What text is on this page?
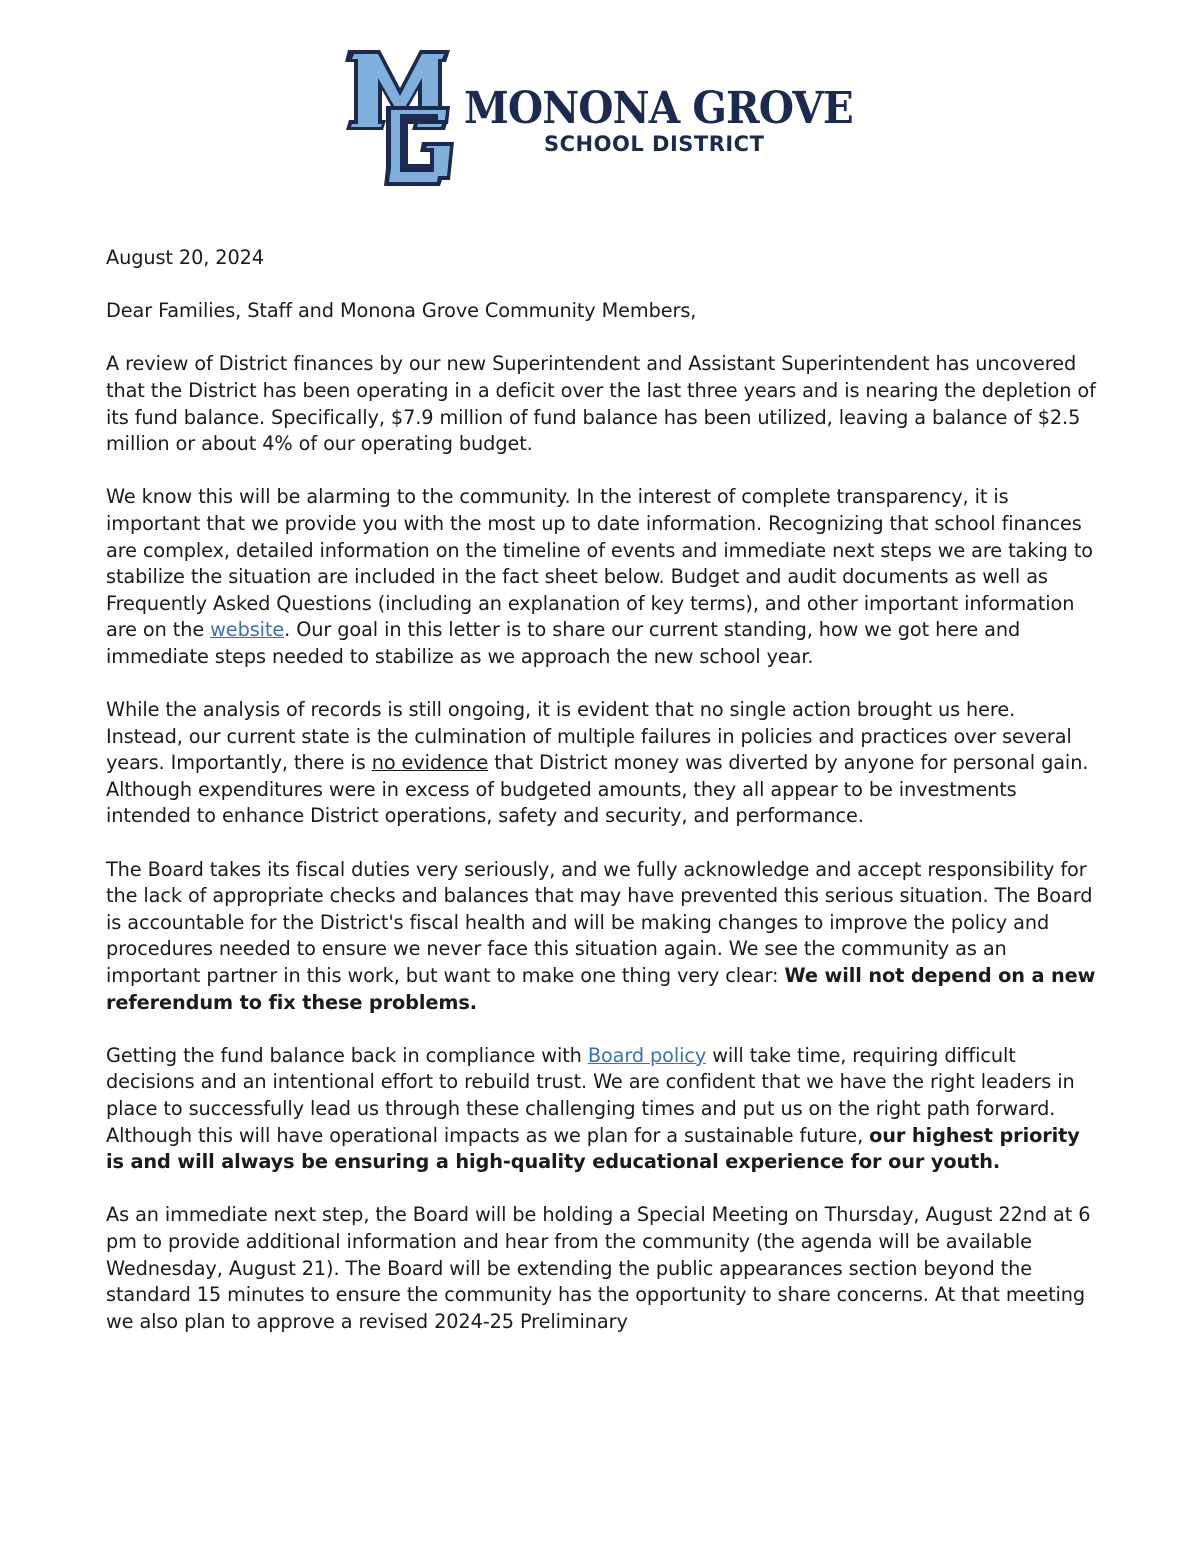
MONONA GROVE
SCHOOL DISTRICT

August 20, 2024

Dear Families, Staff and Monona Grove Community Members,

A review of District finances by our new Superintendent and Assistant Superintendent has uncovered that the District has been operating in a deficit over the last three years and is nearing the depletion of its fund balance. Specifically, $7.9 million of fund balance has been utilized, leaving a balance of $2.5 million or about 4% of our operating budget.

We know this will be alarming to the community. In the interest of complete transparency, it is important that we provide you with the most up to date information. Recognizing that school finances are complex, detailed information on the timeline of events and immediate next steps we are taking to stabilize the situation are included in the fact sheet below. Budget and audit documents as well as Frequently Asked Questions (including an explanation of key terms), and other important information are on the website. Our goal in this letter is to share our current standing, how we got here and immediate steps needed to stabilize as we approach the new school year.

While the analysis of records is still ongoing, it is evident that no single action brought us here. Instead, our current state is the culmination of multiple failures in policies and practices over several years. Importantly, there is no evidence that District money was diverted by anyone for personal gain. Although expenditures were in excess of budgeted amounts, they all appear to be investments intended to enhance District operations, safety and security, and performance.

The Board takes its fiscal duties very seriously, and we fully acknowledge and accept responsibility for the lack of appropriate checks and balances that may have prevented this serious situation. The Board is accountable for the District's fiscal health and will be making changes to improve the policy and procedures needed to ensure we never face this situation again. We see the community as an important partner in this work, but want to make one thing very clear: We will not depend on a new referendum to fix these problems.

Getting the fund balance back in compliance with Board policy will take time, requiring difficult decisions and an intentional effort to rebuild trust. We are confident that we have the right leaders in place to successfully lead us through these challenging times and put us on the right path forward. Although this will have operational impacts as we plan for a sustainable future, our highest priority is and will always be ensuring a high-quality educational experience for our youth.

As an immediate next step, the Board will be holding a Special Meeting on Thursday, August 22nd at 6 pm to provide additional information and hear from the community (the agenda will be available Wednesday, August 21). The Board will be extending the public appearances section beyond the standard 15 minutes to ensure the community has the opportunity to share concerns. At that meeting we also plan to approve a revised 2024-25 Preliminary
